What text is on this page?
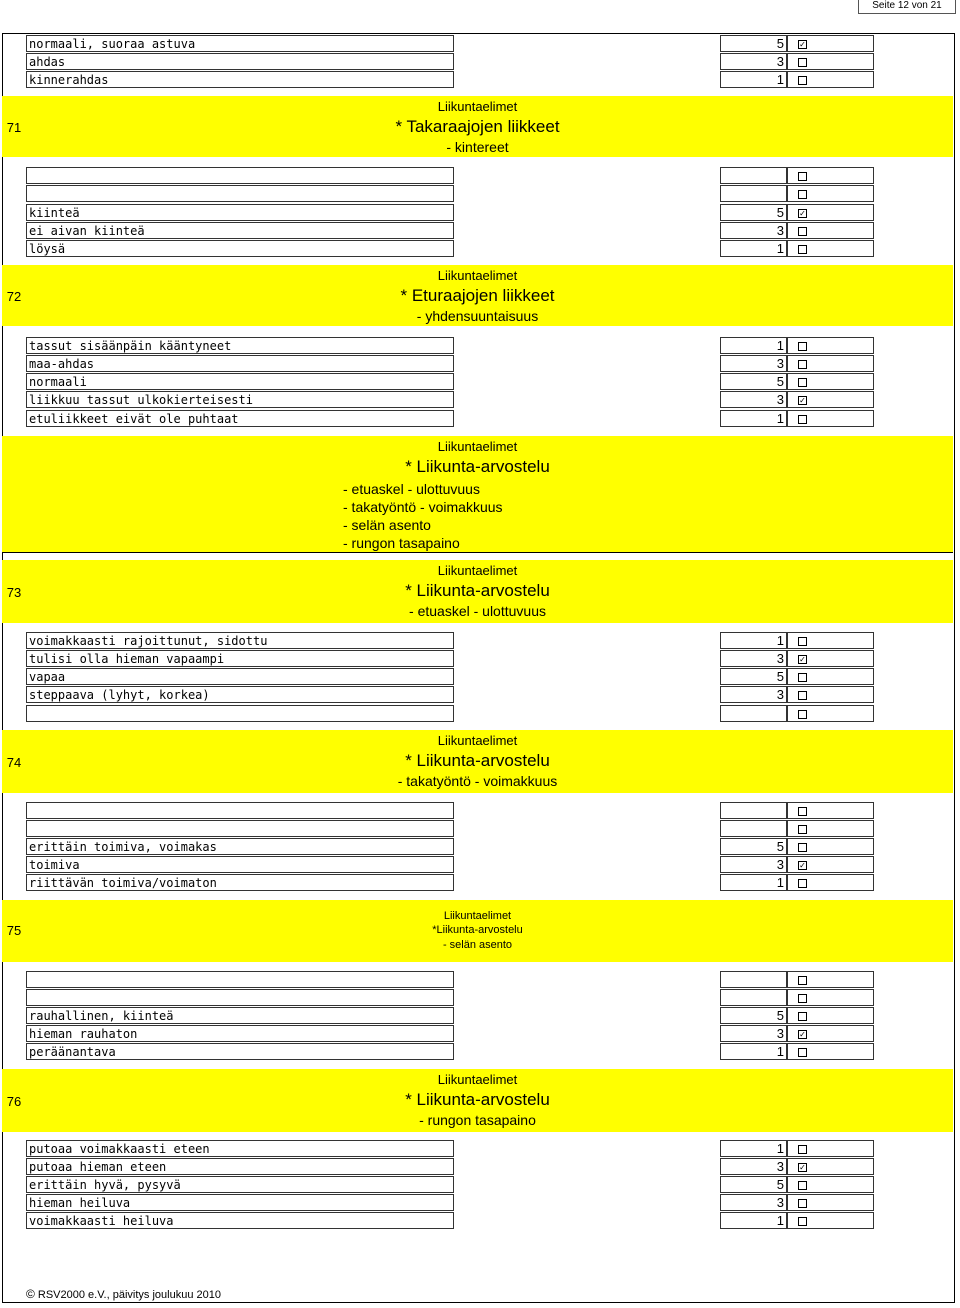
Seite 12 von 21
normaali, suoraa astuva	5	✓
ahdas	3
kinnerahdas	1
71
Liikuntaelimet
* Takaraajojen liikkeet
- kintereet
kiinteä	5	✓
ei aivan kiinteä	3
löysä	1
72
Liikuntaelimet
* Eturaajojen liikkeet
- yhdensuuntaisuus
tassut sisäänpäin kääntyneet	1
maa-ahdas	3
normaali	5
liikkuu tassut ulkokierteisesti	3	✓
etuliikkeet eivät ole puhtaat	1
Liikuntaelimet
* Liikunta-arvostelu
- etuaskel - ulottuvuus
- takatyöntö - voimakkuus
- selän asento
- rungon tasapaino
73
Liikuntaelimet
* Liikunta-arvostelu
- etuaskel - ulottuvuus
voimakkaasti rajoittunut, sidottu	1
tulisi olla hieman vapaampi	3	✓
vapaa	5
steppaava (lyhyt, korkea)	3
74
Liikuntaelimet
* Liikunta-arvostelu
- takatyöntö - voimakkuus
erittäin toimiva, voimakas	5
toimiva	3	✓
riittävän toimiva/voimaton	1
75
Liikuntaelimet
*Liikunta-arvostelu
- selän asento
rauhallinen, kiinteä	5
hieman rauhaton	3	✓
peräänantava	1
76
Liikuntaelimet
* Liikunta-arvostelu
- rungon tasapaino
putoaa voimakkaasti eteen	1
putoaa hieman eteen	3	✓
erittäin hyvä, pysyvä	5
hieman heiluva	3
voimakkaasti heiluva	1
© RSV2000 e.V., päivitys joulukuu 2010
